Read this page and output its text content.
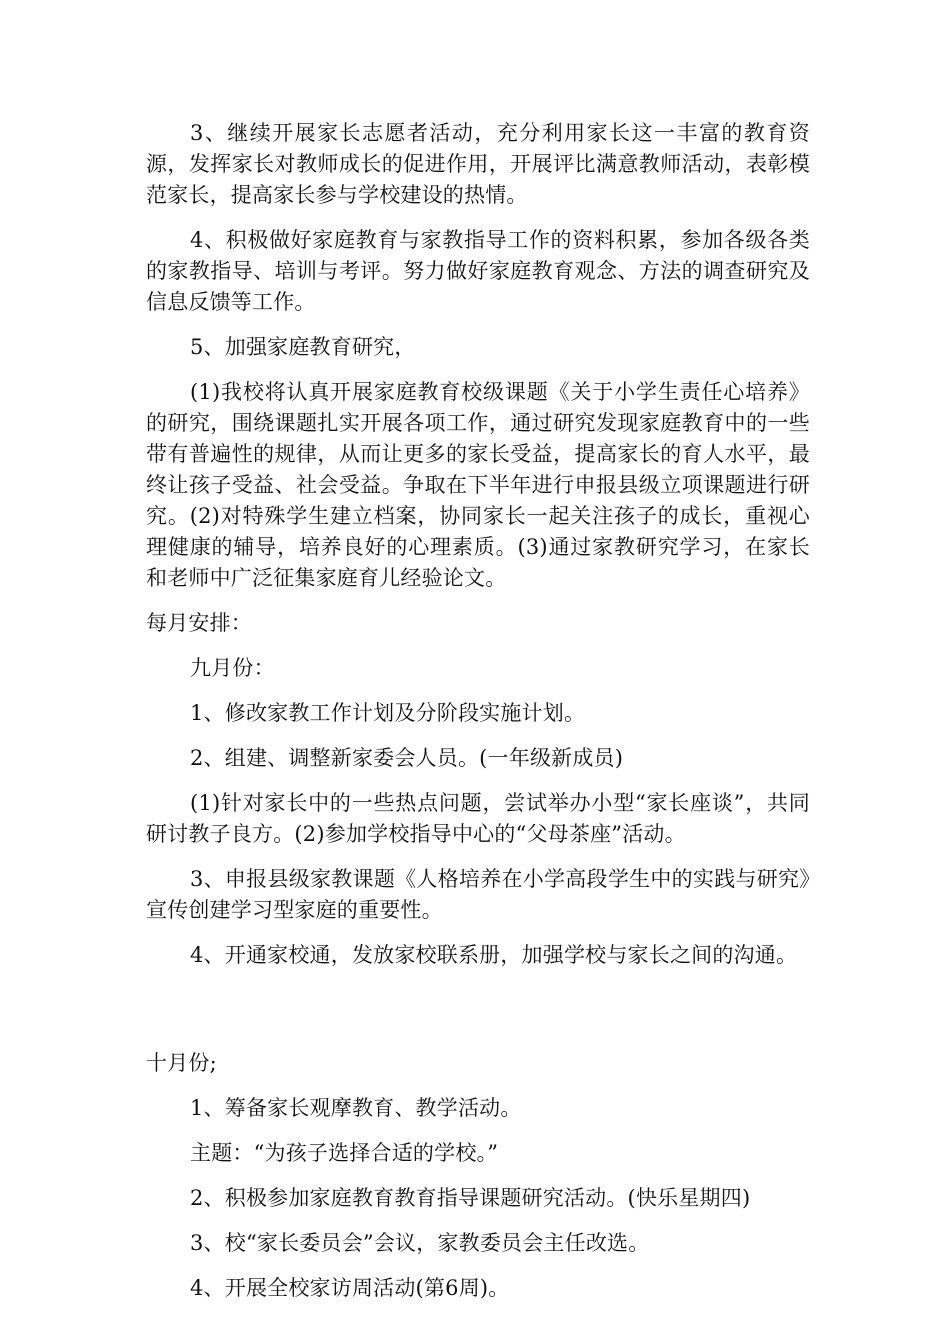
3、继续开展家长志愿者活动，充分利用家长这一丰富的教育资源，发挥家长对教师成长的促进作用，开展评比满意教师活动，表彰模范家长，提高家长参与学校建设的热情。

4、积极做好家庭教育与家教指导工作的资料积累，参加各级各类的家教指导、培训与考评。努力做好家庭教育观念、方法的调查研究及信息反馈等工作。

5、加强家庭教育研究，

(1)我校将认真开展家庭教育校级课题《关于小学生责任心培养》的研究，围绕课题扎实开展各项工作，通过研究发现家庭教育中的一些带有普遍性的规律，从而让更多的家长受益，提高家长的育人水平，最终让孩子受益、社会受益。争取在下半年进行申报县级立项课题进行研究。(2)对特殊学生建立档案，协同家长一起关注孩子的成长，重视心理健康的辅导，培养良好的心理素质。(3)通过家教研究学习，在家长和老师中广泛征集家庭育儿经验论文。

每月安排：

九月份：

1、修改家教工作计划及分阶段实施计划。

2、组建、调整新家委会人员。(一年级新成员)

(1)针对家长中的一些热点问题，尝试举办小型“家长座谈”，共同研讨教子良方。(2)参加学校指导中心的“父母茶座”活动。

3、申报县级家教课题《人格培养在小学高段学生中的实践与研究》宣传创建学习型家庭的重要性。

4、开通家校通，发放家校联系册，加强学校与家长之间的沟通。

十月份;

1、筹备家长观摩教育、教学活动。

主题：“为孩子选择合适的学校。”

2、积极参加家庭教育教育指导课题研究活动。(快乐星期四)

3、校“家长委员会”会议，家教委员会主任改选。

4、开展全校家访周活动(第6周)。
